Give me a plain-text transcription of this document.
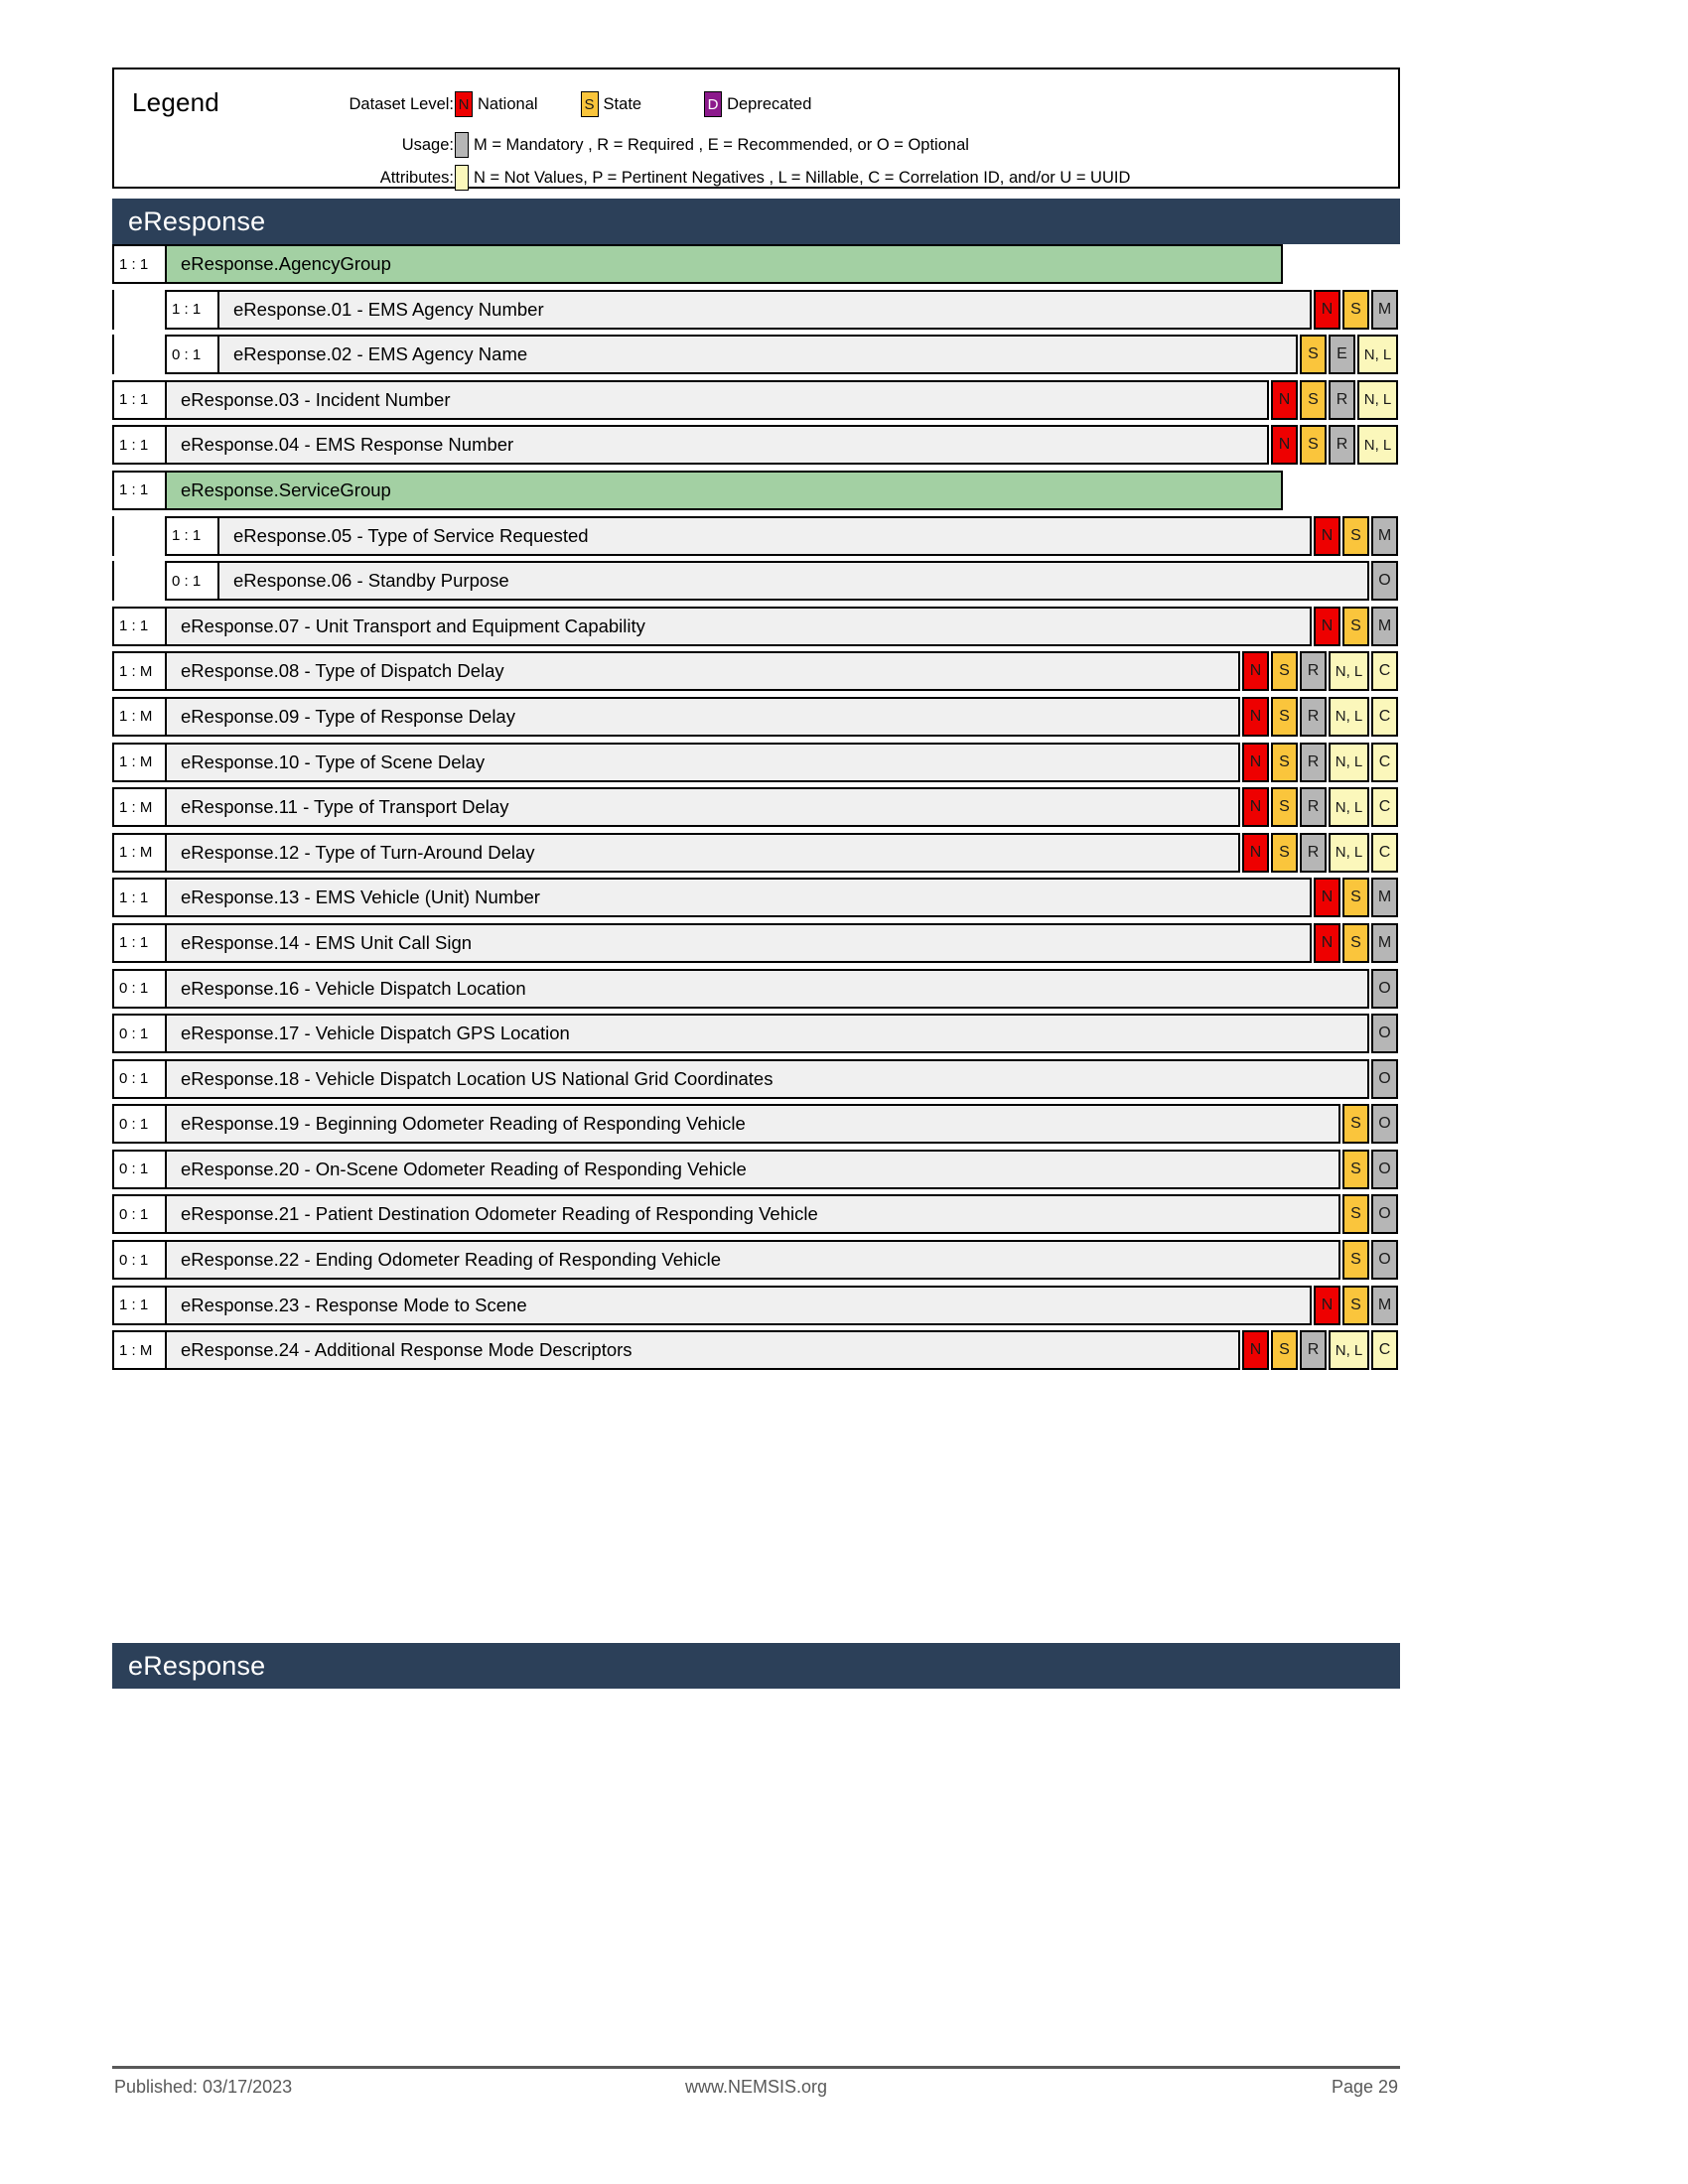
Legend	Dataset Level: N National	S State	D Deprecated
Usage: M = Mandatory , R = Required , E = Recommended, or O = Optional
Attributes: N = Not Values, P = Pertinent Negatives , L = Nillable, C = Correlation ID, and/or U = UUID
eResponse
1 : 1	eResponse.AgencyGroup
1 : 1	eResponse.01 - EMS Agency Number	N	S	M
0 : 1	eResponse.02 - EMS Agency Name	S	E	N, L
1 : 1	eResponse.03 - Incident Number	N	S	R	N, L
1 : 1	eResponse.04 - EMS Response Number	N	S	R	N, L
1 : 1	eResponse.ServiceGroup
1 : 1	eResponse.05 - Type of Service Requested	N	S	M
0 : 1	eResponse.06 - Standby Purpose	O
1 : 1	eResponse.07 - Unit Transport and Equipment Capability	N	S	M
1 : M	eResponse.08 - Type of Dispatch Delay	N	S	R	N, L	C
1 : M	eResponse.09 - Type of Response Delay	N	S	R	N, L	C
1 : M	eResponse.10 - Type of Scene Delay	N	S	R	N, L	C
1 : M	eResponse.11 - Type of Transport Delay	N	S	R	N, L	C
1 : M	eResponse.12 - Type of Turn-Around Delay	N	S	R	N, L	C
1 : 1	eResponse.13 - EMS Vehicle (Unit) Number	N	S	M
1 : 1	eResponse.14 - EMS Unit Call Sign	N	S	M
0 : 1	eResponse.16 - Vehicle Dispatch Location	O
0 : 1	eResponse.17 - Vehicle Dispatch GPS Location	O
0 : 1	eResponse.18 - Vehicle Dispatch Location US National Grid Coordinates	O
0 : 1	eResponse.19 - Beginning Odometer Reading of Responding Vehicle	S	O
0 : 1	eResponse.20 - On-Scene Odometer Reading of Responding Vehicle	S	O
0 : 1	eResponse.21 - Patient Destination Odometer Reading of Responding Vehicle	S	O
0 : 1	eResponse.22 - Ending Odometer Reading of Responding Vehicle	S	O
1 : 1	eResponse.23 - Response Mode to Scene	N	S	M
1 : M	eResponse.24 - Additional Response Mode Descriptors	N	S	R	N, L	C
eResponse
Published: 03/17/2023	www.NEMSIS.org	Page 29
